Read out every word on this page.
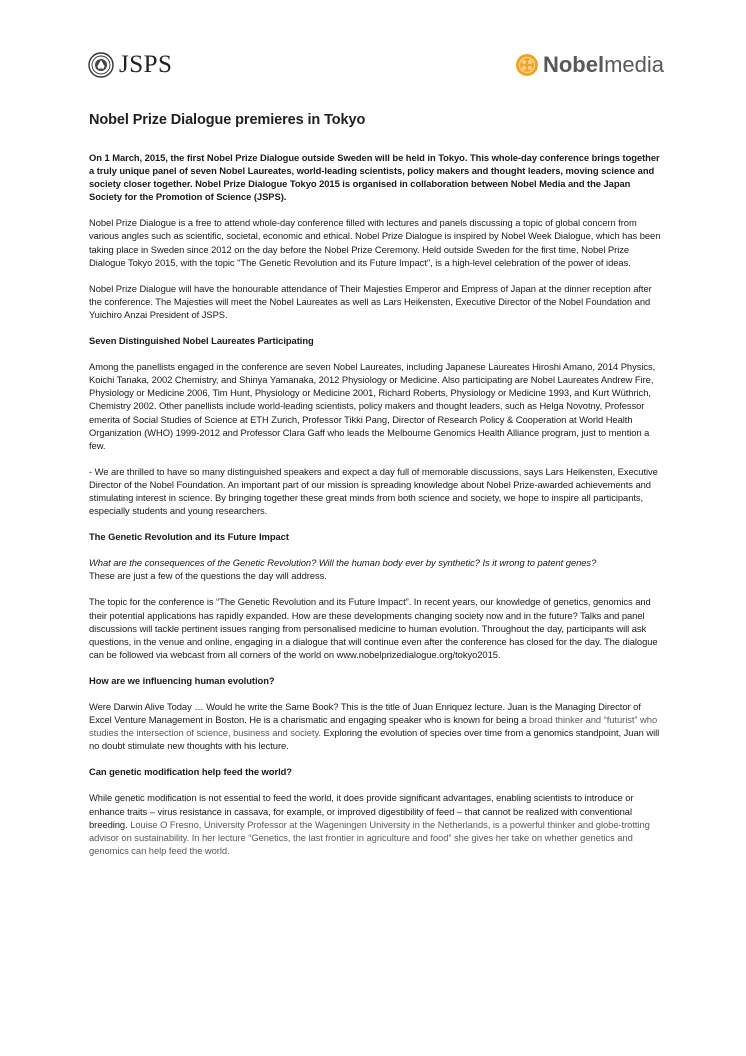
JSPS	Nobel media
Nobel Prize Dialogue premieres in Tokyo

On 1 March, 2015, the first Nobel Prize Dialogue outside Sweden will be held in Tokyo. This whole-day conference brings together a truly unique panel of seven Nobel Laureates, world-leading scientists, policy makers and thought leaders, moving science and society closer together. Nobel Prize Dialogue Tokyo 2015 is organised in collaboration between Nobel Media and the Japan Society for the Promotion of Science (JSPS).

Nobel Prize Dialogue is a free to attend whole-day conference filled with lectures and panels discussing a topic of global concern from various angles such as scientific, societal, economic and ethical. Nobel Prize Dialogue is inspired by Nobel Week Dialogue, which has been taking place in Sweden since 2012 on the day before the Nobel Prize Ceremony. Held outside Sweden for the first time, Nobel Prize Dialogue Tokyo 2015, with the topic "The Genetic Revolution and its Future Impact", is a high-level celebration of the power of ideas.

Nobel Prize Dialogue will have the honourable attendance of Their Majesties Emperor and Empress of Japan at the dinner reception after the conference. The Majesties will meet the Nobel Laureates as well as Lars Heikensten, Executive Director of the Nobel Foundation and Yuichiro Anzai President of JSPS.

Seven Distinguished Nobel Laureates Participating

Among the panellists engaged in the conference are seven Nobel Laureates, including Japanese Laureates Hiroshi Amano, 2014 Physics, Koichi Tanaka, 2002 Chemistry, and Shinya Yamanaka, 2012 Physiology or Medicine. Also participating are Nobel Laureates Andrew Fire, Physiology or Medicine 2006, Tim Hunt, Physiology or Medicine 2001, Richard Roberts, Physiology or Medicine 1993, and Kurt Wüthrich, Chemistry 2002. Other panellists include world-leading scientists, policy makers and thought leaders, such as Helga Novotny, Professor emerita of Social Studies of Science at ETH Zurich, Professor Tikki Pang, Director of Research Policy & Cooperation at World Health Organization (WHO) 1999-2012 and Professor Clara Gaff who leads the Melbourne Genomics Health Alliance program, just to mention a few.

- We are thrilled to have so many distinguished speakers and expect a day full of memorable discussions, says Lars Heikensten, Executive Director of the Nobel Foundation. An important part of our mission is spreading knowledge about Nobel Prize-awarded achievements and stimulating interest in science. By bringing together these great minds from both science and society, we hope to inspire all participants, especially students and young researchers.

The Genetic Revolution and its Future Impact

What are the consequences of the Genetic Revolution? Will the human body ever by synthetic? Is it wrong to patent genes?
These are just a few of the questions the day will address.

The topic for the conference is “The Genetic Revolution and its Future Impact”. In recent years, our knowledge of genetics, genomics and their potential applications has rapidly expanded. How are these developments changing society now and in the future? Talks and panel discussions will tackle pertinent issues ranging from personalised medicine to human evolution. Throughout the day, participants will ask questions, in the venue and online, engaging in a dialogue that will continue even after the conference has closed for the day. The dialogue can be followed via webcast from all corners of the world on www.nobelprizedialogue.org/tokyo2015.

How are we influencing human evolution?

Were Darwin Alive Today … Would he write the Same Book? This is the title of Juan Enriquez lecture. Juan is the Managing Director of Excel Venture Management in Boston. He is a charismatic and engaging speaker who is known for being a broad thinker and “futurist” who studies the intersection of science, business and society. Exploring the evolution of species over time from a genomics standpoint, Juan will no doubt stimulate new thoughts with his lecture.

Can genetic modification help feed the world?

While genetic modification is not essential to feed the world, it does provide significant advantages, enabling scientists to introduce or enhance traits – virus resistance in cassava, for example, or improved digestibility of feed – that cannot be realized with conventional breeding. Louise O Fresno, University Professor at the Wageningen University in the Netherlands, is a powerful thinker and globe-trotting advisor on sustainability. In her lecture “Genetics, the last frontier in agriculture and food” she gives her take on whether genetics and genomics can help feed the world.
